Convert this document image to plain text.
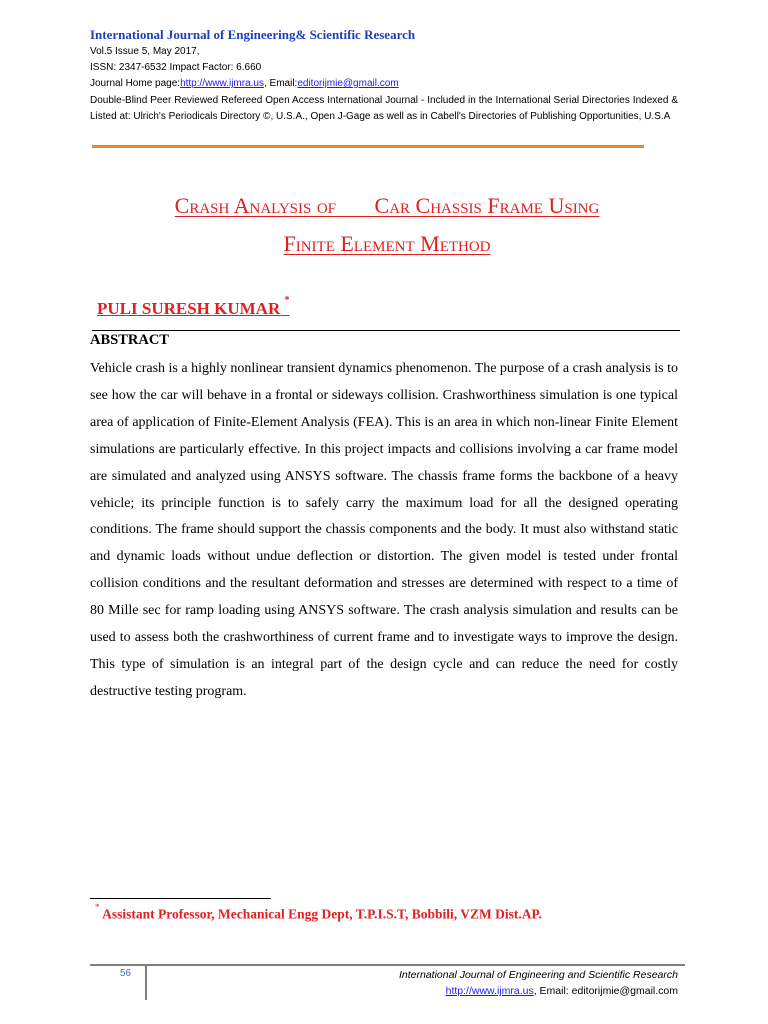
International Journal of Engineering& Scientific Research
Vol.5 Issue 5, May 2017,
ISSN: 2347-6532 Impact Factor: 6.660
Journal Home page:http://www.ijmra.us, Email:editorijmie@gmail.com
Double-Blind Peer Reviewed Refereed Open Access International Journal - Included in the International Serial Directories Indexed & Listed at: Ulrich's Periodicals Directory ©, U.S.A., Open J-Gage as well as in Cabell's Directories of Publishing Opportunities, U.S.A
Crash Analysis of       Car Chassis Frame Using
Finite Element Method
PULI SURESH KUMAR *
ABSTRACT

Vehicle crash is a highly nonlinear transient dynamics phenomenon. The purpose of a crash analysis is to see how the car will behave in a frontal or sideways collision. Crashworthiness simulation is one typical area of application of Finite-Element Analysis (FEA). This is an area in which non-linear Finite Element simulations are particularly effective. In this project impacts and collisions involving a car frame model are simulated and analyzed using ANSYS software. The chassis frame forms the backbone of a heavy vehicle; its principle function is to safely carry the maximum load for all the designed operating conditions. The frame should support the chassis components and the body. It must also withstand static and dynamic loads without undue deflection or distortion. The given model is tested under frontal collision conditions and the resultant deformation and stresses are determined with respect to a time of 80 Mille sec for ramp loading using ANSYS software. The crash analysis simulation and results can be used to assess both the crashworthiness of current frame and to investigate ways to improve the design. This type of simulation is an integral part of the design cycle and can reduce the need for costly destructive testing program.

* Assistant Professor, Mechanical Engg Dept, T.P.I.S.T, Bobbili, VZM Dist.AP.
56	International Journal of Engineering and Scientific Research
http://www.ijmra.us, Email: editorijmie@gmail.com
